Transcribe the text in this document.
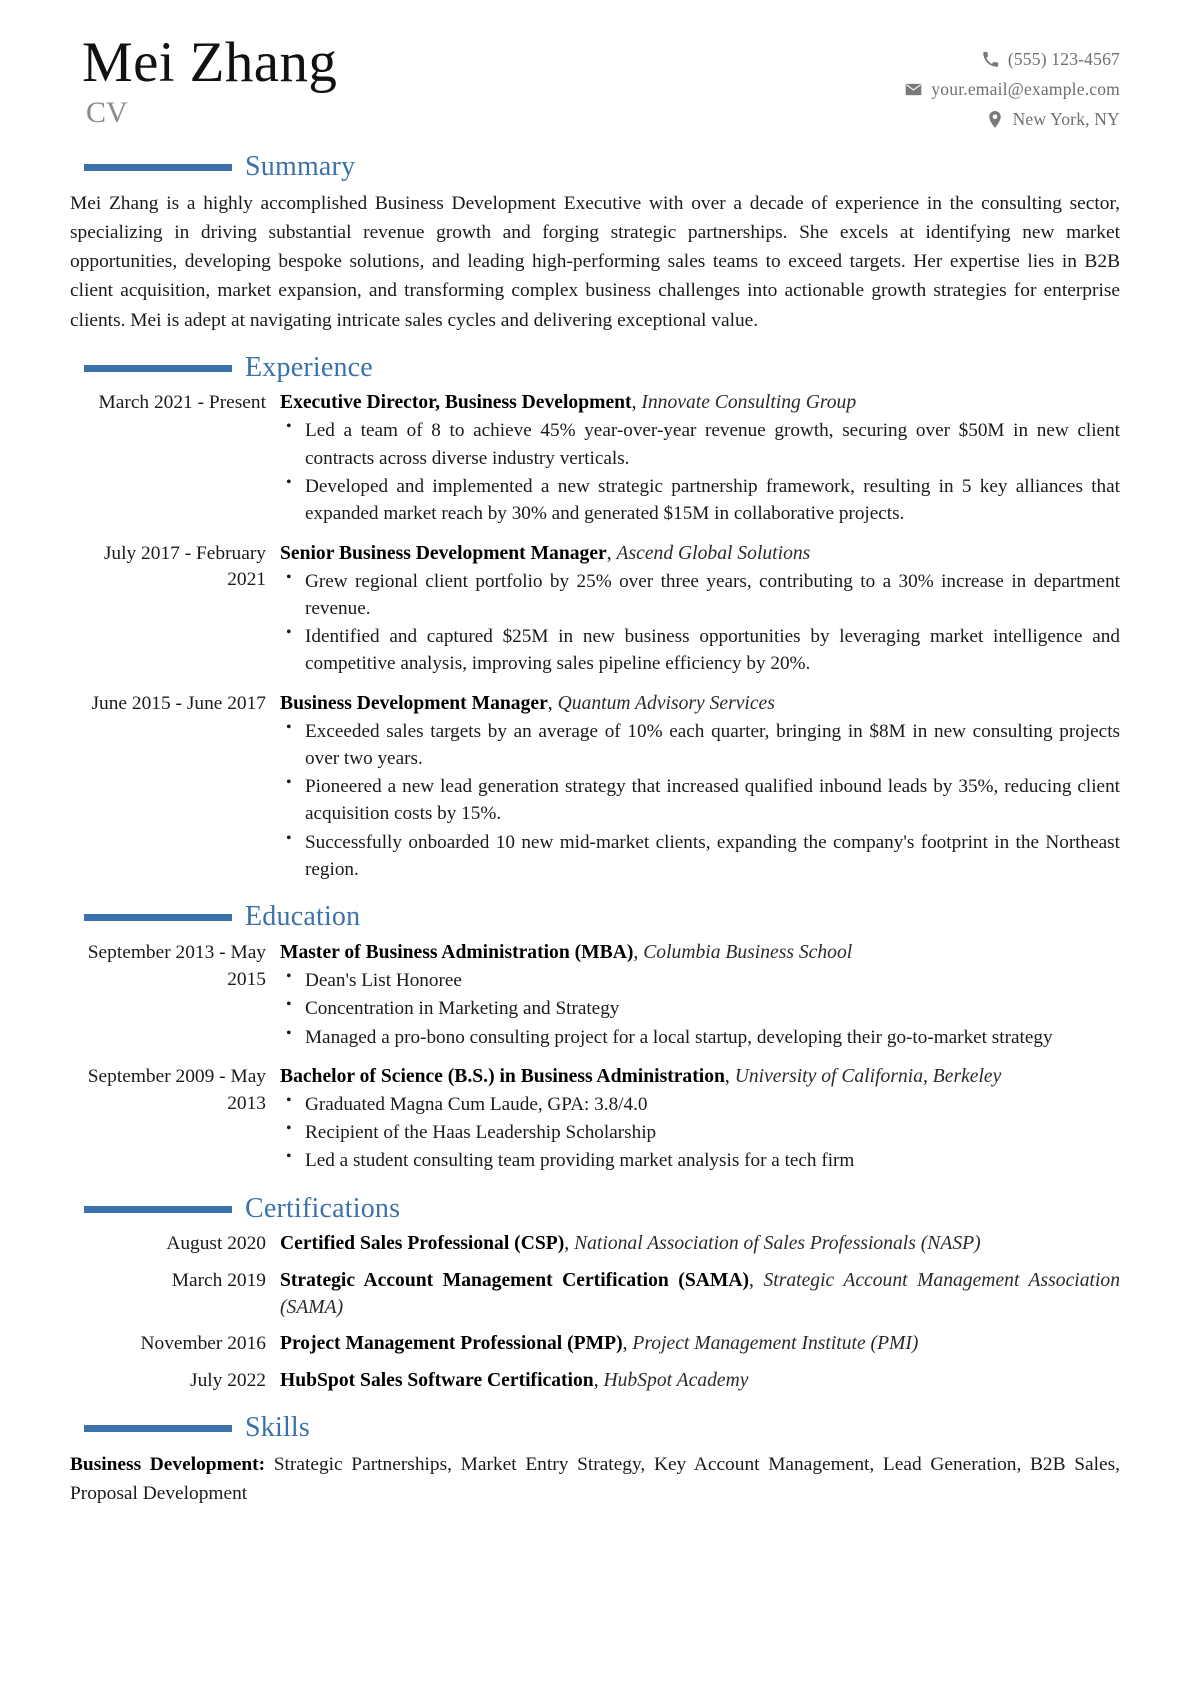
Mei Zhang
CV
(555) 123-4567
your.email@example.com
New York, NY
Summary

Mei Zhang is a highly accomplished Business Development Executive with over a decade of experience in the consulting sector, specializing in driving substantial revenue growth and forging strategic partnerships. She excels at identifying new market opportunities, developing bespoke solutions, and leading high-performing sales teams to exceed targets. Her expertise lies in B2B client acquisition, market expansion, and transforming complex business challenges into actionable growth strategies for enterprise clients. Mei is adept at navigating intricate sales cycles and delivering exceptional value.

Experience
March 2021 - Present Executive Director, Business Development, Innovate Consulting Group
• Led a team of 8 to achieve 45% year-over-year revenue growth, securing over $50M in new client contracts across diverse industry verticals.
• Developed and implemented a new strategic partnership framework, resulting in 5 key alliances that expanded market reach by 30% and generated $15M in collaborative projects.
July 2017 - February 2021
Senior Business Development Manager, Ascend Global Solutions
• Grew regional client portfolio by 25% over three years, contributing to a 30% increase in department revenue.
• Identified and captured $25M in new business opportunities by leveraging market intelligence and competitive analysis, improving sales pipeline efficiency by 20%.
June 2015 - June 2017 Business Development Manager, Quantum Advisory Services
• Exceeded sales targets by an average of 10% each quarter, bringing in $8M in new consulting projects over two years.
• Pioneered a new lead generation strategy that increased qualified inbound leads by 35%, reducing client acquisition costs by 15%.
• Successfully onboarded 10 new mid-market clients, expanding the company's footprint in the Northeast region.
Education
September 2013 - May 2015
Master of Business Administration (MBA), Columbia Business School
• Dean's List Honoree
• Concentration in Marketing and Strategy
• Managed a pro-bono consulting project for a local startup, developing their go-to-market strategy
September 2009 - May 2013
Bachelor of Science (B.S.) in Business Administration, University of California, Berkeley
• Graduated Magna Cum Laude, GPA: 3.8/4.0
• Recipient of the Haas Leadership Scholarship
• Led a student consulting team providing market analysis for a tech firm
Certifications
August 2020 Certified Sales Professional (CSP), National Association of Sales Professionals (NASP)
March 2019 Strategic Account Management Certification (SAMA), Strategic Account Management Association (SAMA)
November 2016 Project Management Professional (PMP), Project Management Institute (PMI)
July 2022 HubSpot Sales Software Certification, HubSpot Academy
Skills

Business Development: Strategic Partnerships, Market Entry Strategy, Key Account Management, Lead Generation, B2B Sales, Proposal Development
